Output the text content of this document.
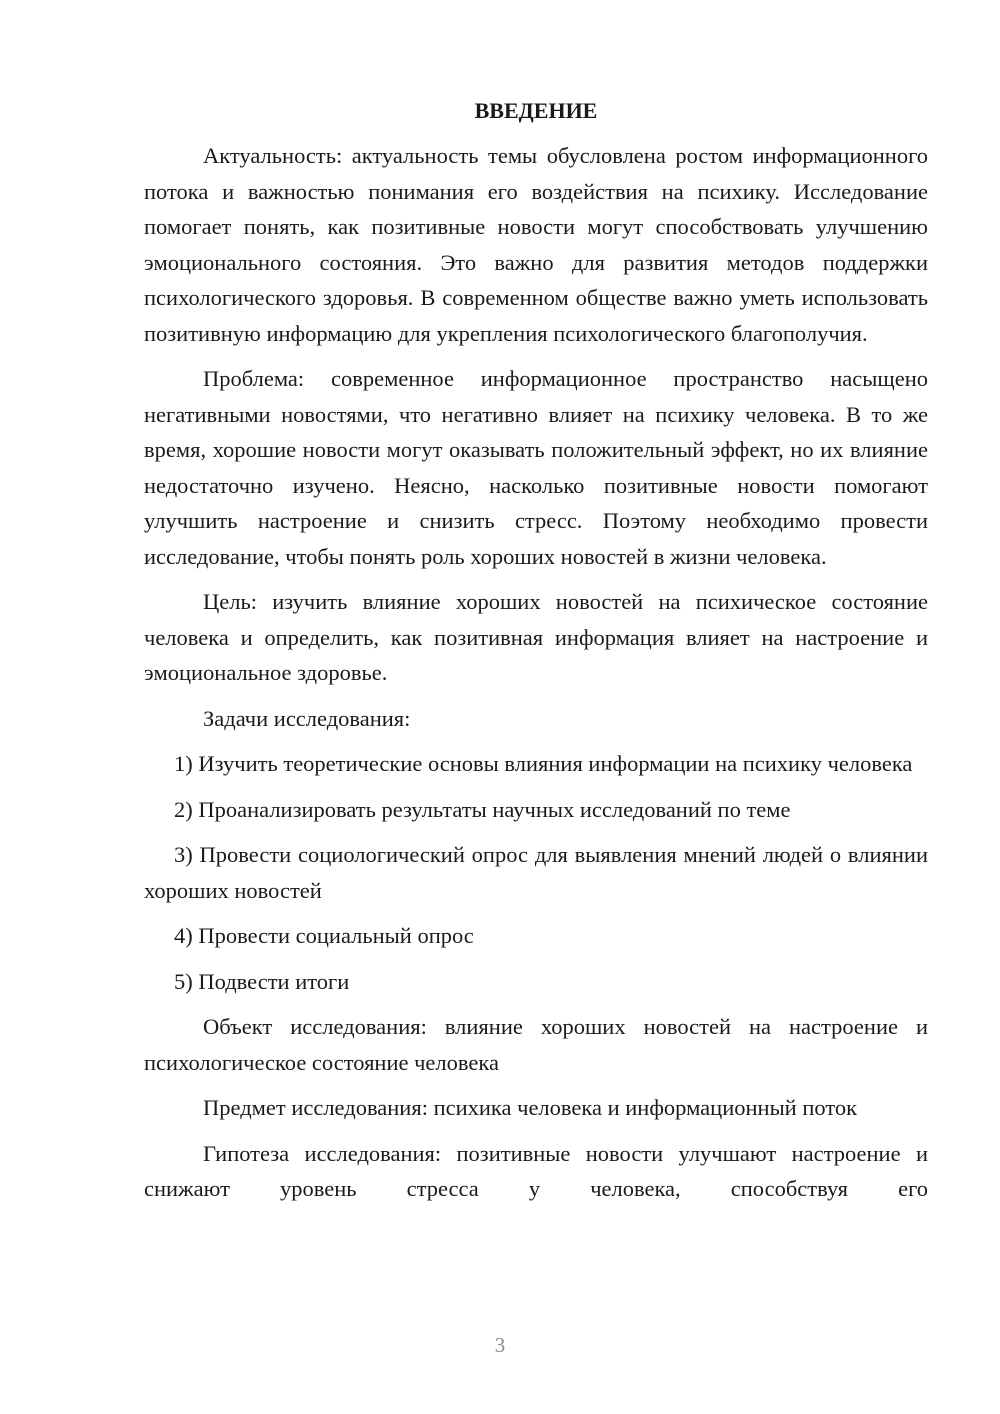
ВВЕДЕНИЕ

Актуальность: актуальность темы обусловлена ростом информационного потока и важностью понимания его воздействия на психику. Исследование помогает понять, как позитивные новости могут способствовать улучшению эмоционального состояния. Это важно для развития методов поддержки психологического здоровья. В современном обществе важно уметь использовать позитивную информацию для укрепления психологического благополучия.

Проблема: современное информационное пространство насыщено негативными новостями, что негативно влияет на психику человека. В то же время, хорошие новости могут оказывать положительный эффект, но их влияние недостаточно изучено. Неясно, насколько позитивные новости помогают улучшить настроение и снизить стресс. Поэтому необходимо провести исследование, чтобы понять роль хороших новостей в жизни человека.

Цель: изучить влияние хороших новостей на психическое состояние человека и определить, как позитивная информация влияет на настроение и эмоциональное здоровье.

Задачи исследования:

1) Изучить теоретические основы влияния информации на психику человека

2) Проанализировать результаты научных исследований по теме

3) Провести социологический опрос для выявления мнений людей о влиянии хороших новостей

4) Провести социальный опрос

5) Подвести итоги

Объект исследования: влияние хороших новостей на настроение и психологическое состояние человека

Предмет исследования: психика человека и информационный поток

Гипотеза исследования: позитивные новости улучшают настроение и снижают уровень стресса у человека, способствуя его

3
